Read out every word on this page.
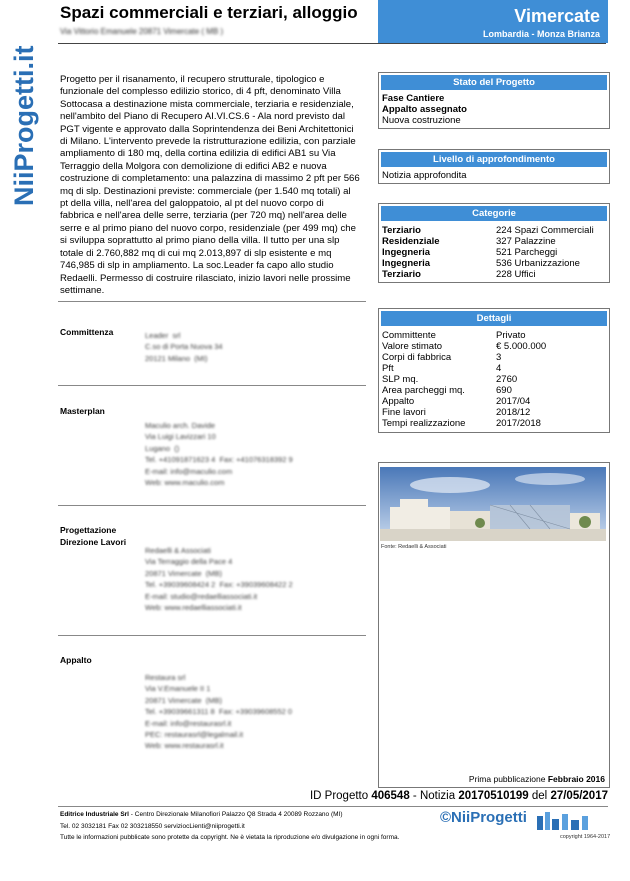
NiiProgetti.it
Spazi commerciali e terziari, alloggio
Via Vittorio Emanuele 20871 Vimercate ( MB )
Vimercate
Lombardia - Monza Brianza
Progetto per il risanamento, il recupero strutturale, tipologico e funzionale del complesso edilizio storico, di 4 pft, denominato Villa Sottocasa a destinazione mista commerciale, terziaria e residenziale, nell'ambito del Piano di Recupero AI.VI.CS.6 - Ala nord previsto dal PGT vigente e approvato dalla Soprintendenza dei Beni Architettonici di Milano. L'intervento prevede la ristrutturazione edilizia, con parziale ampliamento di 180 mq, della cortina edilizia di edifici AB1 su Via Terraggio della Molgora con demolizione di edifici AB2 e nuova costruzione di completamento: una palazzina di massimo 2 pft per 566 mq di slp. Destinazioni previste: commerciale (per 1.540 mq totali) al pt della villa, nell'area del galoppatoio, al pt del nuovo corpo di fabbrica e nell'area delle serre, terziaria (per 720 mq) nell'area delle serre e al primo piano del nuovo corpo, residenziale (per 499 mq) che si sviluppa soprattutto al primo piano della villa. Il tutto per una slp totale di 2.760,882 mq di cui mq 2.013,897 di slp esistente e mq 746,985 di slp in ampliamento. La soc.Leader fa capo allo studio Redaelli. Permesso di costruire rilasciato, inizio lavori nelle prossime settimane.
Committenza	Leader  srl
C.so di Porta Nuova 34
20121 Milano  (MI)
Masterplan
Maculio arch. Davide
Via Luigi Lavizzari 10
Lugano  ()
Tel. +41091871623 4  Fax: +41076318392 9
E-mail: info@maculio.com
Web: www.maculio.com
Progettazione
Direzione Lavori
Redaelli & Associati
Via Terraggio della Pace 4
20871 Vimercate  (MB)
Tel. +39039608424 2  Fax: +39039608422 2
E-mail: studio@redaelliassociati.it
Web: www.redaelliassociati.it
Appalto
Restaura srl
Via V.Emanuele II 1
20871 Vimercate  (MB)
Tel. +39039661311 8  Fax: +39039608552 0
E-mail: info@restaurasrl.it
PEC: restaurasrl@legalmail.it
Web: www.restaurasrl.it
Stato del Progetto
Fase Cantiere
Appalto assegnato
Nuova costruzione
Livello di approfondimento
Notizia approfondita
Categorie
Terziario	224 Spazi Commerciali
Residenziale	327 Palazzine
Ingegneria	521 Parcheggi
Ingegneria	536 Urbanizzazione
Terziario	228 Uffici
Dettagli
Committente	Privato
Valore stimato	€ 5.000.000
Corpi di fabbrica	3
Pft	4
SLP mq.	2760
Area parcheggi mq.	690
Appalto	2017/04
Fine lavori	2018/12
Tempi realizzazione	2017/2018
Fonte: Redaelli & Associati
Prima pubblicazione Febbraio 2016
ID Progetto 406548 - Notizia 20170510199 del 27/05/2017
Editrice Industriale Srl - Centro Direzionale Milanofiori Palazzo Q8 Strada 4 20089 Rozzano (MI)
Tel. 02 3032181 Fax 02 303218550 serviziocLienti@niiprogetti.it
Tutte le informazioni pubblicate sono protette da copyright. Ne è vietata la riproduzione e/o divulgazione in ogni forma.
©NiiProgetti
copyright 1964-2017
